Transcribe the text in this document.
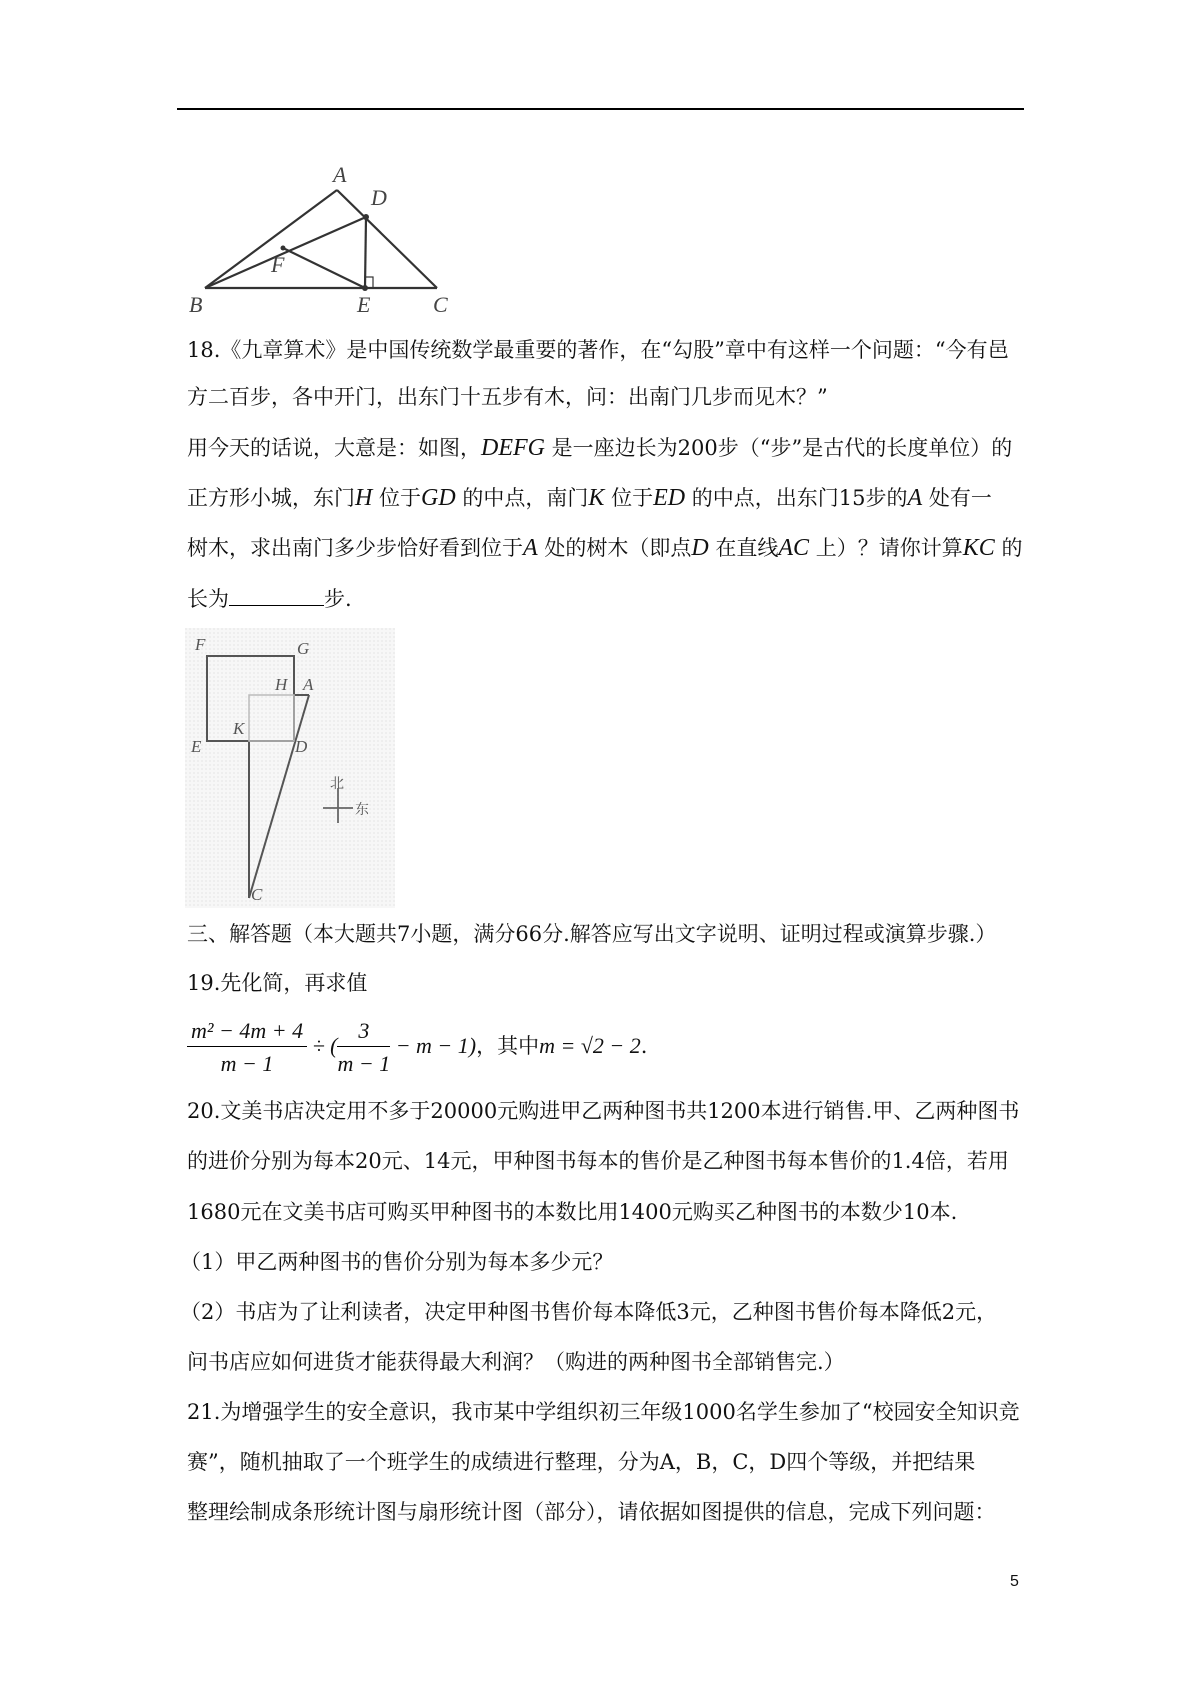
A
D
F
B	E	C
18.《九章算术》是中国传统数学最重要的著作，在“勾股”章中有这样一个问题：“今有邑
方二百步，各中开门，出东门十五步有木，问：出南门几步而见木？”
用今天的话说，大意是：如图，DEFG 是一座边长为200步（“步”是古代的长度单位）的
正方形小城，东门H 位于GD 的中点，南门K 位于ED 的中点，出东门15步的A 处有一
树木，求出南门多少步恰好看到位于A 处的树木（即点D 在直线AC 上）？请你计算KC 的
长为	步.
F	G
H A
K
E	D
C
北
东
三、解答题（本大题共7小题，满分66分.解答应写出文字说明、证明过程或演算步骤.）
19.先化简，再求值
$\frac{\text{m² − 4m + 4}}{m - 1}$ ÷ ( $\frac{3}{m - 1} - m - 1$)，其中m = √2 − 2.
20.文美书店决定用不多于20000元购进甲乙两种图书共1200本进行销售.甲、乙两种图书
的进价分别为每本20元、14元，甲种图书每本的售价是乙种图书每本售价的1.4倍，若用
1680元在文美书店可购买甲种图书的本数比用1400元购买乙种图书的本数少10本.
（1）甲乙两种图书的售价分别为每本多少元？
（2）书店为了让利读者，决定甲种图书售价每本降低3元，乙种图书售价每本降低2元，
问书店应如何进货才能获得最大利润？（购进的两种图书全部销售完.）
21.为增强学生的安全意识，我市某中学组织初三年级1000名学生参加了“校园安全知识竞
赛”，随机抽取了一个班学生的成绩进行整理，分为A，B，C，D四个等级，并把结果
整理绘制成条形统计图与扇形统计图（部分），请依据如图提供的信息，完成下列问题：
5
